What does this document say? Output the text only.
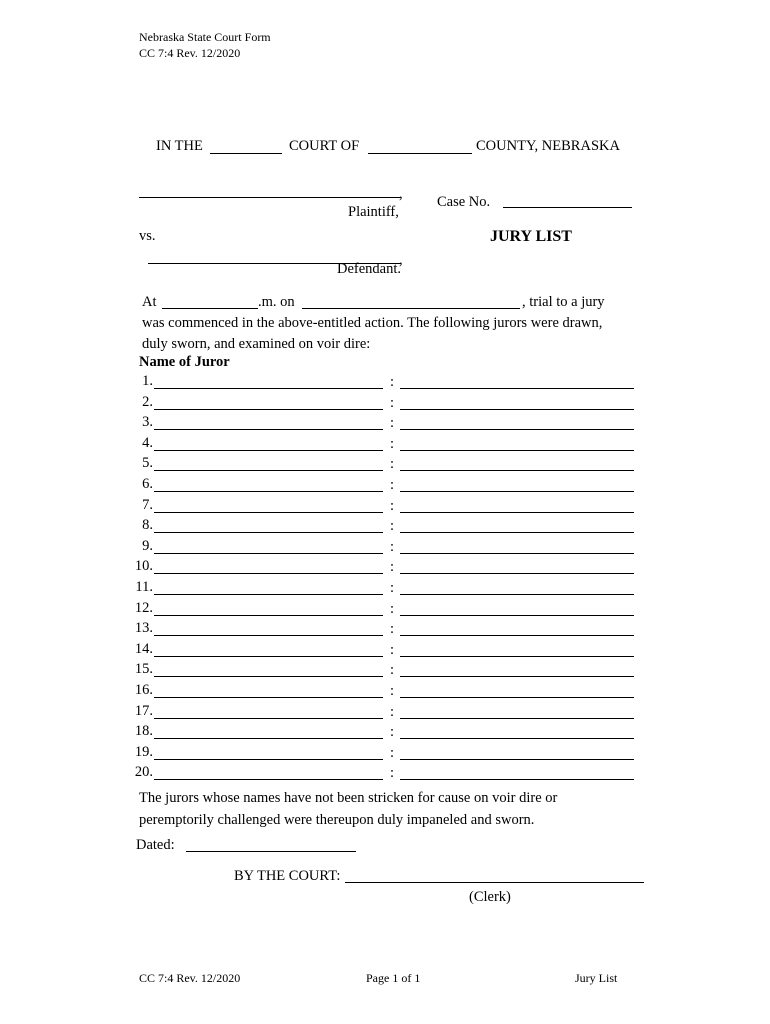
Nebraska State Court Form
CC 7:4 Rev. 12/2020
IN THE	COURT OF	COUNTY, NEBRASKA
,
Plaintiff,
Case No.
vs.	JURY LIST
,
Defendant.
At	.m. on	, trial to a jury
was commenced in the above-entitled action. The following jurors were drawn,
duly sworn, and examined on voir dire:
Name of Juror
1.	:
2.	:
3.	:
4.	:
5.	:
6.	:
7.	:
8.	:
9.	:
10.	:
11.	:
12.	:
13.	:
14.	:
15.	:
16.	:
17.	:
18.	:
19.	:
20.	:
The jurors whose names have not been stricken for cause on voir dire or
peremptorily challenged were thereupon duly impaneled and sworn.
Dated:
BY THE COURT:
(Clerk)
CC 7:4 Rev. 12/2020	Page 1 of 1	Jury List
